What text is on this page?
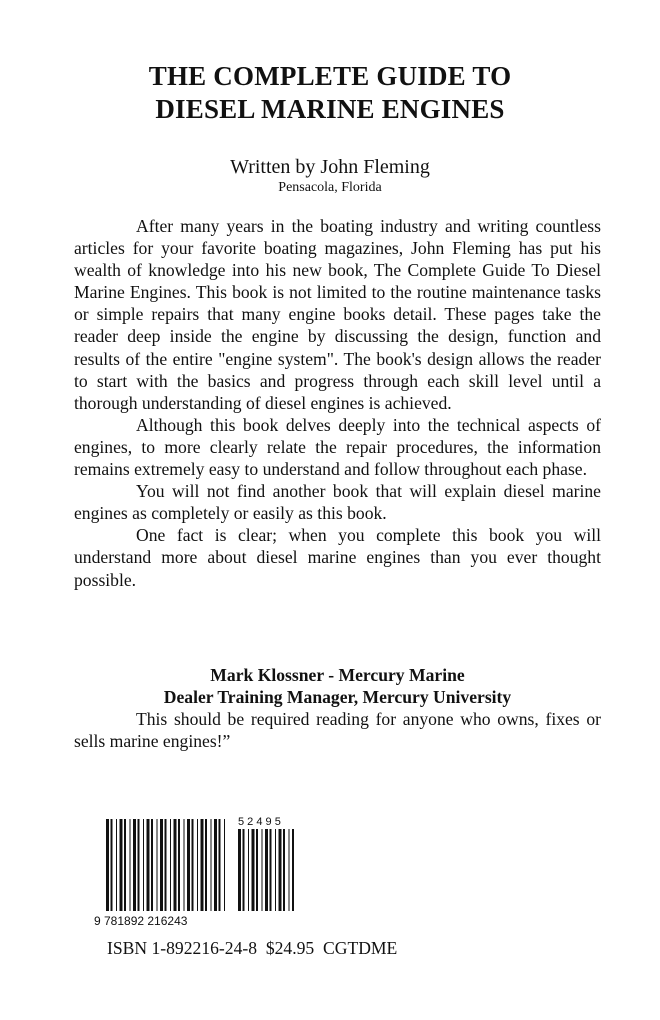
THE COMPLETE GUIDE TO
DIESEL MARINE ENGINES
Written by John Fleming
Pensacola, Florida

After many years in the boating industry and writing countless articles for your favorite boating magazines, John Fleming has put his wealth of knowledge into his new book, The Complete Guide To Diesel Marine Engines. This book is not limited to the routine maintenance tasks or simple repairs that many engine books detail. These pages take the reader deep inside the engine by discussing the design, function and results of the entire "engine system". The book's design allows the reader to start with the basics and progress through each skill level until a thorough understanding of diesel engines is achieved.

Although this book delves deeply into the technical aspects of engines, to more clearly relate the repair procedures, the information remains extremely easy to understand and follow throughout each phase.

You will not find another book that will explain diesel marine engines as completely or easily as this book.

One fact is clear; when you complete this book you will understand more about diesel marine engines than you ever thought possible.

Mark Klossner - Mercury Marine
Dealer Training Manager, Mercury University

This should be required reading for anyone who owns, fixes or sells marine engines!”

9 781892 216243
5 2 4 9 5
ISBN 1-892216-24-8 $24.95 CGTDME
